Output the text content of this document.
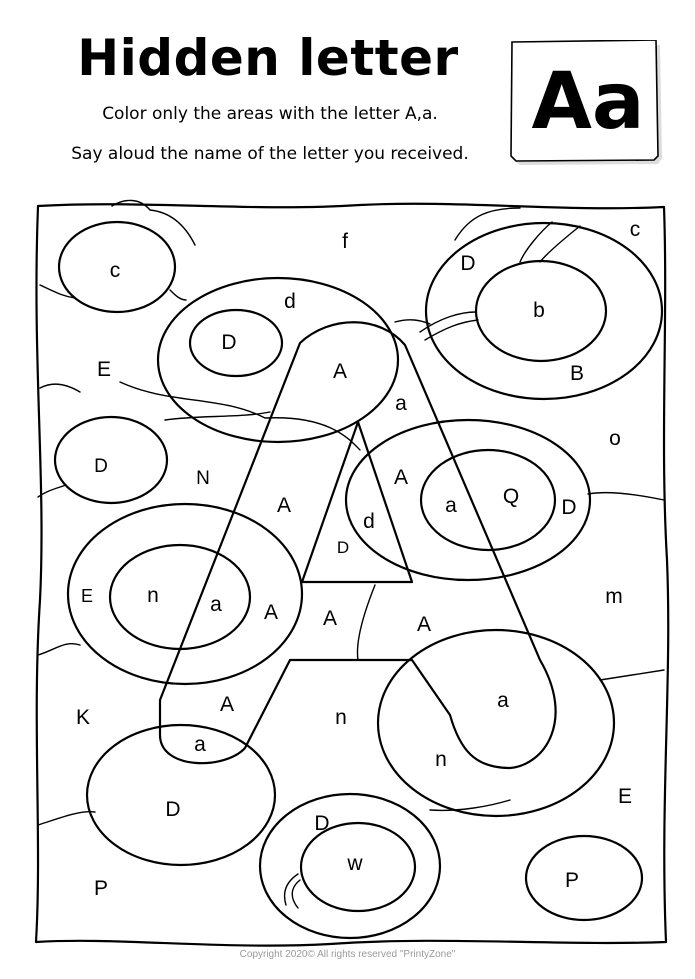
Hidden letter
Color only the areas with the letter A,a.
Say aloud the name of the letter you received.
Aa
c
f
c
D
d	b
D
A	B
E
a
o
D
N	A
Q
a	D
A
d
D
E	n a A
m
A	A
K
A
n
a
a
n
E
D
D
w
P	P
Copyright 2020© All rights reserved "PrintyZone"
